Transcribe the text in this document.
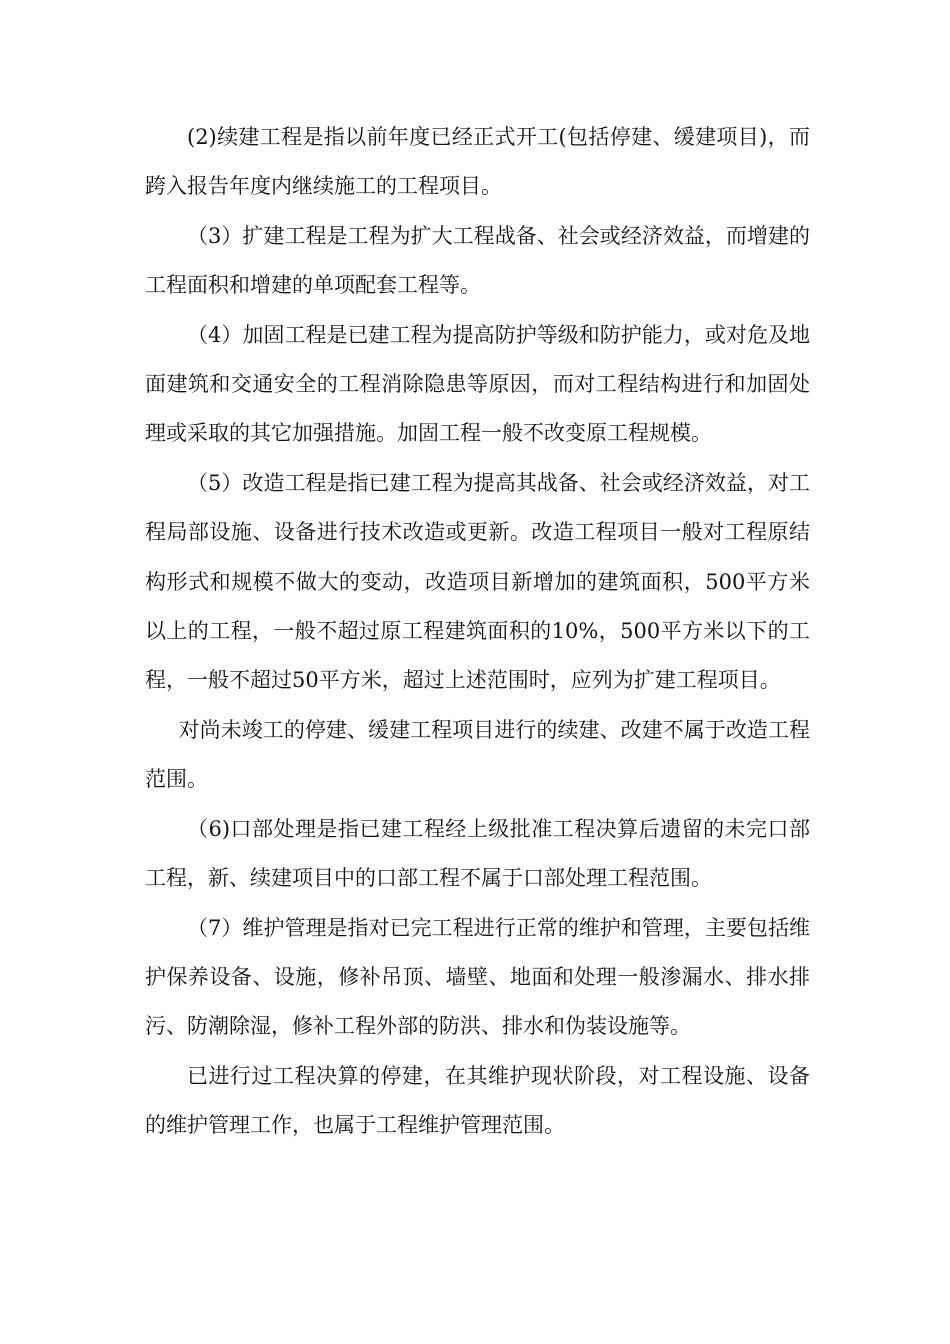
(2)续建工程是指以前年度已经正式开工(包括停建、缓建项目)，而跨入报告年度内继续施工的工程项目。

（3）扩建工程是工程为扩大工程战备、社会或经济效益，而增建的工程面积和增建的单项配套工程等。

（4）加固工程是已建工程为提高防护等级和防护能力，或对危及地面建筑和交通安全的工程消除隐患等原因，而对工程结构进行和加固处理或采取的其它加强措施。加固工程一般不改变原工程规模。

（5）改造工程是指已建工程为提高其战备、社会或经济效益，对工程局部设施、设备进行技术改造或更新。改造工程项目一般对工程原结构形式和规模不做大的变动，改造项目新增加的建筑面积，500平方米以上的工程，一般不超过原工程建筑面积的10%，500平方米以下的工程，一般不超过50平方米，超过上述范围时，应列为扩建工程项目。

对尚未竣工的停建、缓建工程项目进行的续建、改建不属于改造工程范围。

（6)口部处理是指已建工程经上级批准工程决算后遗留的未完口部工程，新、续建项目中的口部工程不属于口部处理工程范围。

（7）维护管理是指对已完工程进行正常的维护和管理，主要包括维护保养设备、设施，修补吊顶、墙壁、地面和处理一般渗漏水、排水排污、防潮除湿，修补工程外部的防洪、排水和伪装设施等。

已进行过工程决算的停建，在其维护现状阶段，对工程设施、设备的维护管理工作，也属于工程维护管理范围。
